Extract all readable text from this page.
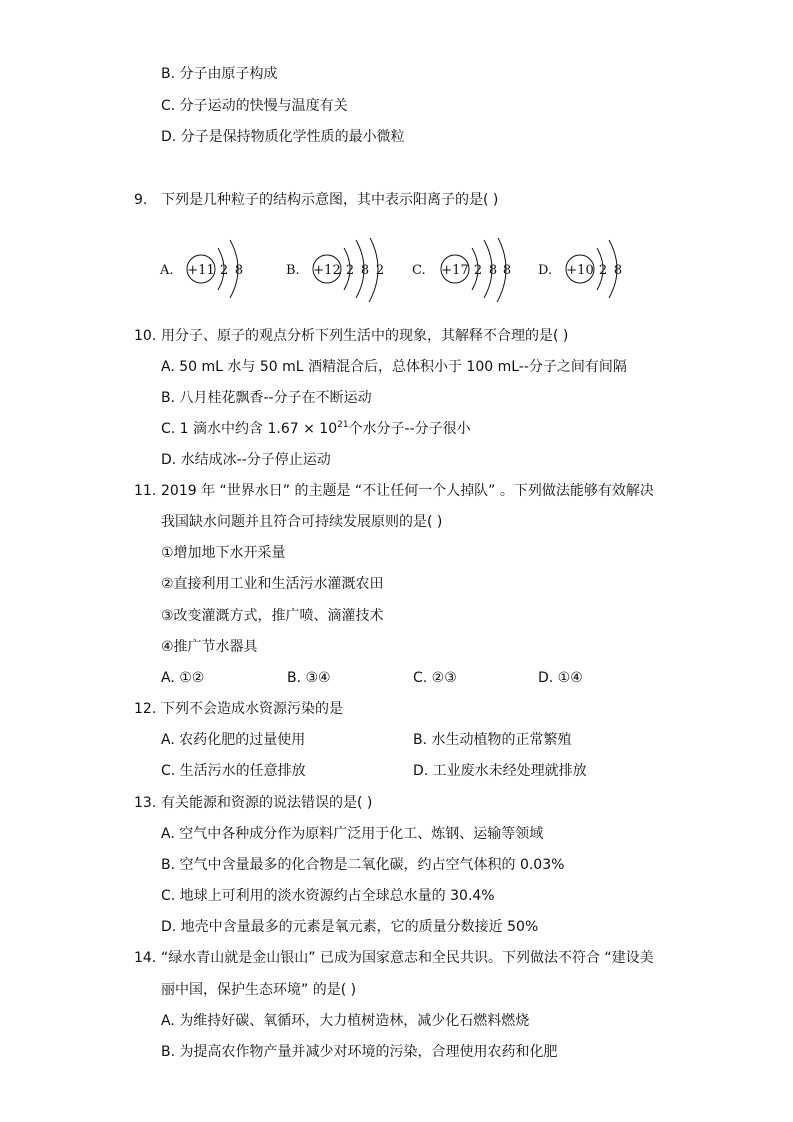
B. 分子由原子构成
C. 分子运动的快慢与温度有关
D. 分子是保持物质化学性质的最小微粒
9. 下列是几种粒子的结构示意图，其中表示阳离子的是( )
A. +11 2 8	B. +12 2 8 2 C. +17 2 8 8 D. +10 2 8
10. 用分子、原子的观点分析下列生活中的现象，其解释不合理的是( )
A. 50 mL 水与 50 mL 酒精混合后，总体积小于 100 mL--分子之间有间隔
B. 八月桂花飘香--分子在不断运动
C. 1 滴水中约含 $1.67 \times 10^{21}$个水分子--分子很小
D. 水结成冰--分子停止运动
11. 2019 年 “世界水日” 的主题是 “不让任何一个人掉队” 。下列做法能够有效解决
我国缺水问题并且符合可持续发展原则的是( )
①增加地下水开采量
②直接利用工业和生活污水灌溉农田
③改变灌溉方式，推广喷、滴灌技术
④推广节水器具
A. ①②	B. ③④	C. ②③	D. ①④
12. 下列不会造成水资源污染的是
A. 农药化肥的过量使用	B. 水生动植物的正常繁殖
C. 生活污水的任意排放	D. 工业废水未经处理就排放
13. 有关能源和资源的说法错误的是( )
A. 空气中各种成分作为原料广泛用于化工、炼钢、运输等领域
B. 空气中含量最多的化合物是二氧化碳，约占空气体积的 0.03%
C. 地球上可利用的淡水资源约占全球总水量的 30.4%
D. 地壳中含量最多的元素是氧元素，它的质量分数接近 50%
14. “绿水青山就是金山银山” 已成为国家意志和全民共识。下列做法不符合 “建设美
丽中国，保护生态环境” 的是( )
A. 为维持好碳、氧循环，大力植树造林，减少化石燃料燃烧
B. 为提高农作物产量并减少对环境的污染，合理使用农药和化肥
